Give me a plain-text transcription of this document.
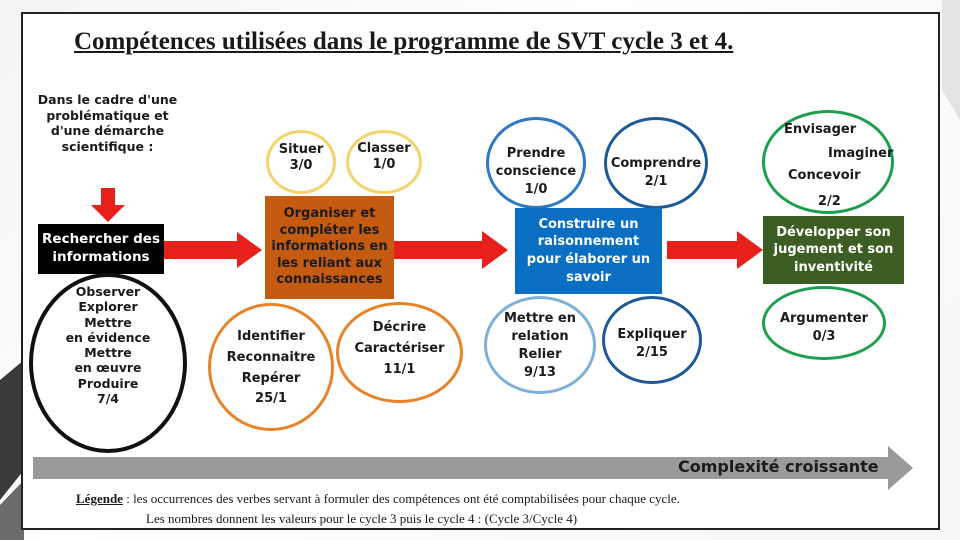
Compétences utilisées dans le programme de SVT cycle 3 et 4.
Dans le cadre d'une
problématique et
d'une démarche
scientifique :
Rechercher des
informations
Observer
Explorer
Mettre
en évidence
Mettre
en œuvre
Produire
7/4
Situer
3/0
Classer
1/0
Organiser et
compléter les
informations en
les reliant aux
connaissances
Identifier
Reconnaitre
Repérer
25/1
Décrire
Caractériser
11/1
Prendre
conscience
1/0
Comprendre
2/1
Construire un
raisonnement
pour élaborer un
savoir
Mettre en
relation
Relier
9/13
Expliquer
2/15
Envisager
Imaginer
Concevoir
2/2
Développer son
jugement et son
inventivité
Argumenter
0/3
Complexité croissante
Légende : les occurrences des verbes servant à formuler des compétences ont été comptabilisées pour chaque cycle.
Les nombres donnent les valeurs pour le cycle 3 puis le cycle 4 : (Cycle 3/Cycle 4)
